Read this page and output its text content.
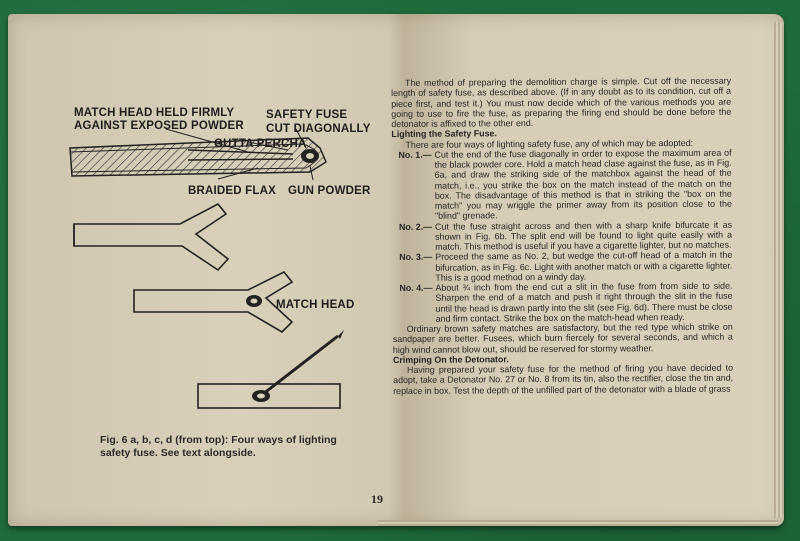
MATCH HEAD HELD FIRMLY
AGAINST EXPOSED POWDER
SAFETY FUSE
CUT DIAGONALLY
GUTTA PERCHA
BRAIDED FLAX GUN POWDER
MATCH HEAD
Fig. 6 a, b, c, d (from top): Four ways of lighting safety fuse. See text alongside.
19

The method of preparing the demolition charge is simple. Cut off the necessary length of safety fuse, as described above. (If in any doubt as to its condition, cut off a piece first, and test it.) You must now decide which of the various methods you are going to use to fire the fuse, as preparing the firing end should be done before the detonator is affixed to the other end.

Lighting the Safety Fuse.

There are four ways of lighting safety fuse, any of which may be adopted:

No. 1.— Cut the end of the fuse diagonally in order to expose the maximum area of the black powder core. Hold a match head clase against the fuse, as in Fig. 6a, and draw the striking side of the matchbox against the head of the match, i.e., you strike the box on the match instead of the match on the box. The disadvantage of this method is that in striking the "box on the match" you may wriggle the primer away from its position close to the "blind" grenade.
No. 2.— Cut the fuse straight across and then with a sharp knife bifurcate it as shown in Fig. 6b. The split end will be found to light quite easily with a match. This method is useful if you have a cigarette lighter, but no matches.
No. 3.— Proceed the same as No. 2, but wedge the cut-off head of a match in the bifurcation, as in Fig. 6c. Light with another match or with a cigarette lighter. This is a good method on a windy day.
No. 4.— About ¾ inch from the end cut a slit in the fuse from from side to side. Sharpen the end of a match and push it right through the slit in the fuse until the head is drawn partly into the slit (see Fig. 6d). There must be close and firm contact. Strike the box on the match-head when ready.

Ordinary brown safety matches are satisfactory, but the red type which strike on sandpaper are better. Fusees, which burn fiercely for several seconds, and which a high wind cannot blow out, should be reserved for stormy weather.

Crimping On the Detonator.

Having prepared your safety fuse for the method of firing you have decided to adopt, take a Detonator No. 27 or No. 8 from its tin, also the rectifier, close the tin and, replace in box. Test the depth of the unfilled part of the detonator with a blade of grass
